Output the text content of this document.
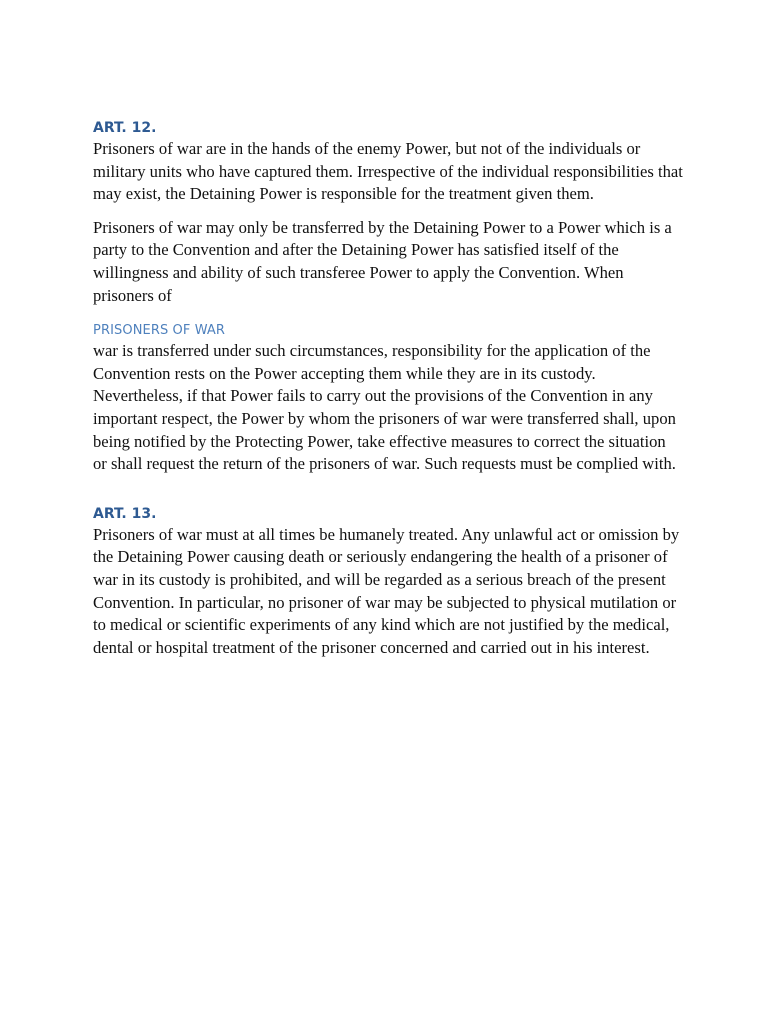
ART. 12.

Prisoners of war are in the hands of the enemy Power, but not of the individuals or military units who have captured them. Irrespective of the individual responsibilities that may exist, the Detaining Power is responsible for the treatment given them.

Prisoners of war may only be transferred by the Detaining Power to a Power which is a party to the Convention and after the Detaining Power has satisfied itself of the willingness and ability of such transferee Power to apply the Convention. When prisoners of

PRISONERS OF WAR

war is transferred under such circumstances, responsibility for the application of the Convention rests on the Power accepting them while they are in its custody. Nevertheless, if that Power fails to carry out the provisions of the Convention in any important respect, the Power by whom the prisoners of war were transferred shall, upon being notified by the Protecting Power, take effective measures to correct the situation or shall request the return of the prisoners of war. Such requests must be complied with.

ART. 13.

Prisoners of war must at all times be humanely treated. Any unlawful act or omission by the Detaining Power causing death or seriously endangering the health of a prisoner of war in its custody is prohibited, and will be regarded as a serious breach of the present Convention. In particular, no prisoner of war may be subjected to physical mutilation or to medical or scientific experiments of any kind which are not justified by the medical, dental or hospital treatment of the prisoner concerned and carried out in his interest.
